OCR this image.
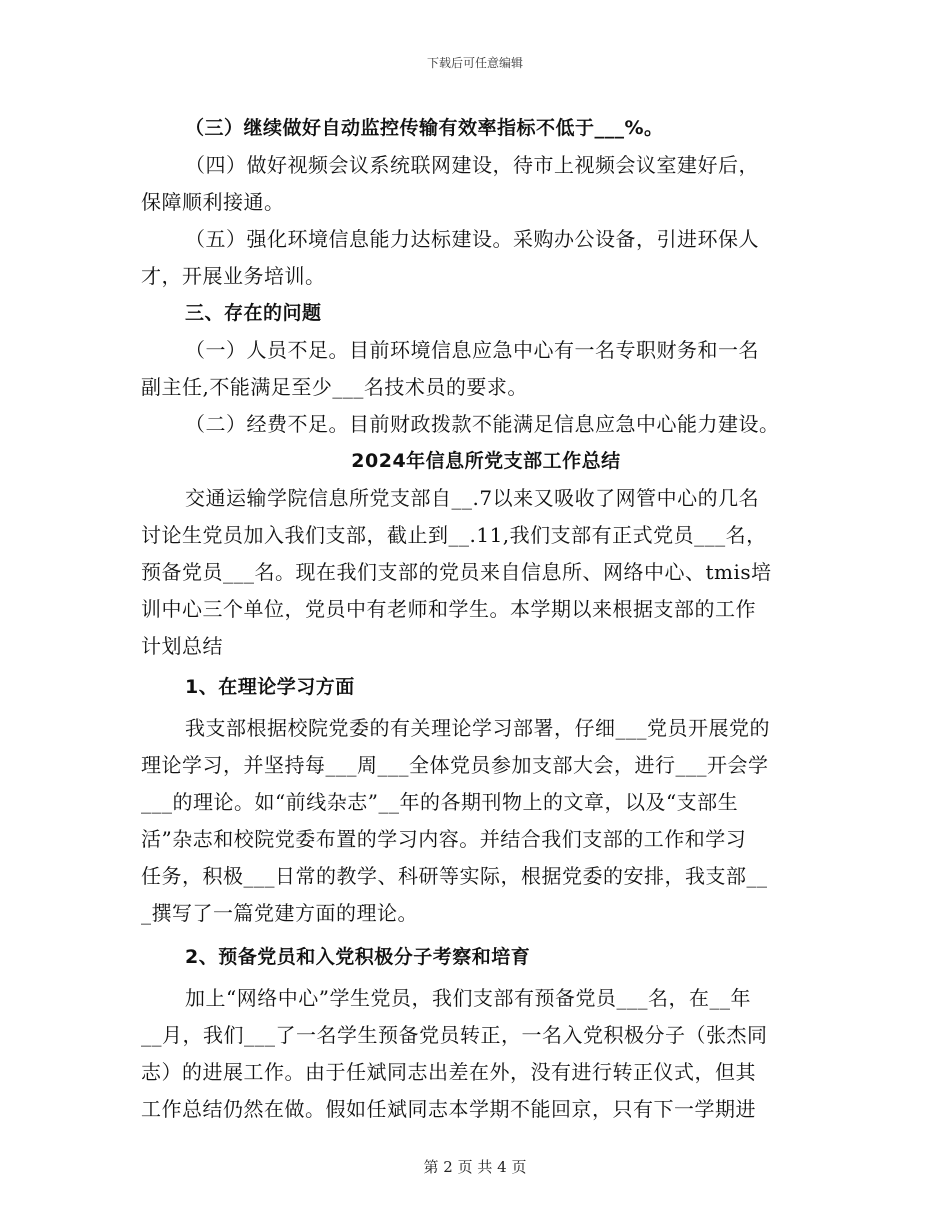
下载后可任意编辑
（三）继续做好自动监控传输有效率指标不低于___%。
（四）做好视频会议系统联网建设，待市上视频会议室建好后，
保障顺利接通。
（五）强化环境信息能力达标建设。采购办公设备，引进环保人
才，开展业务培训。
三、存在的问题
（一）人员不足。目前环境信息应急中心有一名专职财务和一名
副主任,不能满足至少___名技术员的要求。
（二）经费不足。目前财政拨款不能满足信息应急中心能力建设。
2024年信息所党支部工作总结
交通运输学院信息所党支部自__.7以来又吸收了网管中心的几名
讨论生党员加入我们支部，截止到__.11,我们支部有正式党员___名，
预备党员___名。现在我们支部的党员来自信息所、网络中心、tmis培
训中心三个单位，党员中有老师和学生。本学期以来根据支部的工作
计划总结
1、在理论学习方面
我支部根据校院党委的有关理论学习部署，仔细___党员开展党的
理论学习，并坚持每___周___全体党员参加支部大会，进行___开会学
___的理论。如“前线杂志”__年的各期刊物上的文章，以及“支部生
活”杂志和校院党委布置的学习内容。并结合我们支部的工作和学习
任务，积极___日常的教学、科研等实际，根据党委的安排，我支部__
_撰写了一篇党建方面的理论。
2、预备党员和入党积极分子考察和培育
加上“网络中心”学生党员，我们支部有预备党员___名，在__年
__月，我们___了一名学生预备党员转正，一名入党积极分子（张杰同
志）的进展工作。由于任斌同志出差在外，没有进行转正仪式，但其
工作总结仍然在做。假如任斌同志本学期不能回京，只有下一学期进
第 2 页 共 4 页
